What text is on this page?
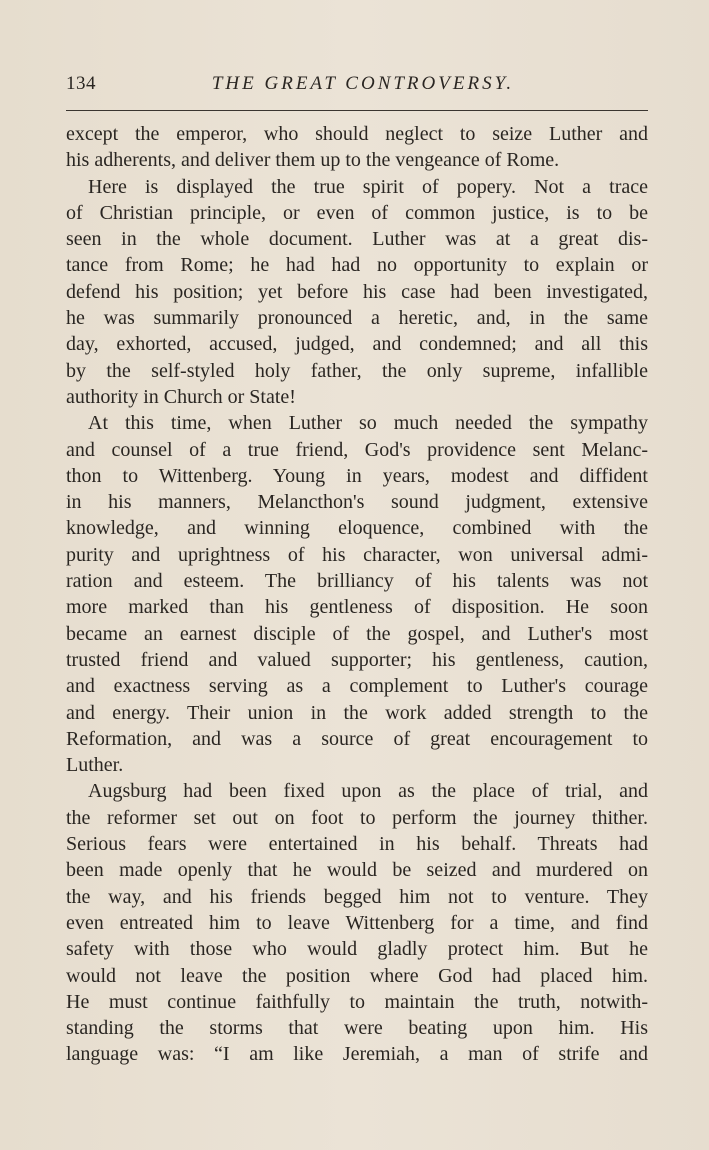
134	THE GREAT CONTROVERSY.
except the emperor, who should neglect to seize Luther and
his adherents, and deliver them up to the vengeance of Rome.
Here is displayed the true spirit of popery. Not a trace
of Christian principle, or even of common justice, is to be
seen in the whole document. Luther was at a great dis-
tance from Rome; he had had no opportunity to explain or
defend his position; yet before his case had been investigated,
he was summarily pronounced a heretic, and, in the same
day, exhorted, accused, judged, and condemned; and all this
by the self-styled holy father, the only supreme, infallible
authority in Church or State!
At this time, when Luther so much needed the sympathy
and counsel of a true friend, God's providence sent Melanc-
thon to Wittenberg. Young in years, modest and diffident
in his manners, Melancthon's sound judgment, extensive
knowledge, and winning eloquence, combined with the
purity and uprightness of his character, won universal admi-
ration and esteem. The brilliancy of his talents was not
more marked than his gentleness of disposition. He soon
became an earnest disciple of the gospel, and Luther's most
trusted friend and valued supporter; his gentleness, caution,
and exactness serving as a complement to Luther's courage
and energy. Their union in the work added strength to the
Reformation, and was a source of great encouragement to
Luther.
Augsburg had been fixed upon as the place of trial, and
the reformer set out on foot to perform the journey thither.
Serious fears were entertained in his behalf. Threats had
been made openly that he would be seized and murdered on
the way, and his friends begged him not to venture. They
even entreated him to leave Wittenberg for a time, and find
safety with those who would gladly protect him. But he
would not leave the position where God had placed him.
He must continue faithfully to maintain the truth, notwith-
standing the storms that were beating upon him. His
language was: “I am like Jeremiah, a man of strife and
